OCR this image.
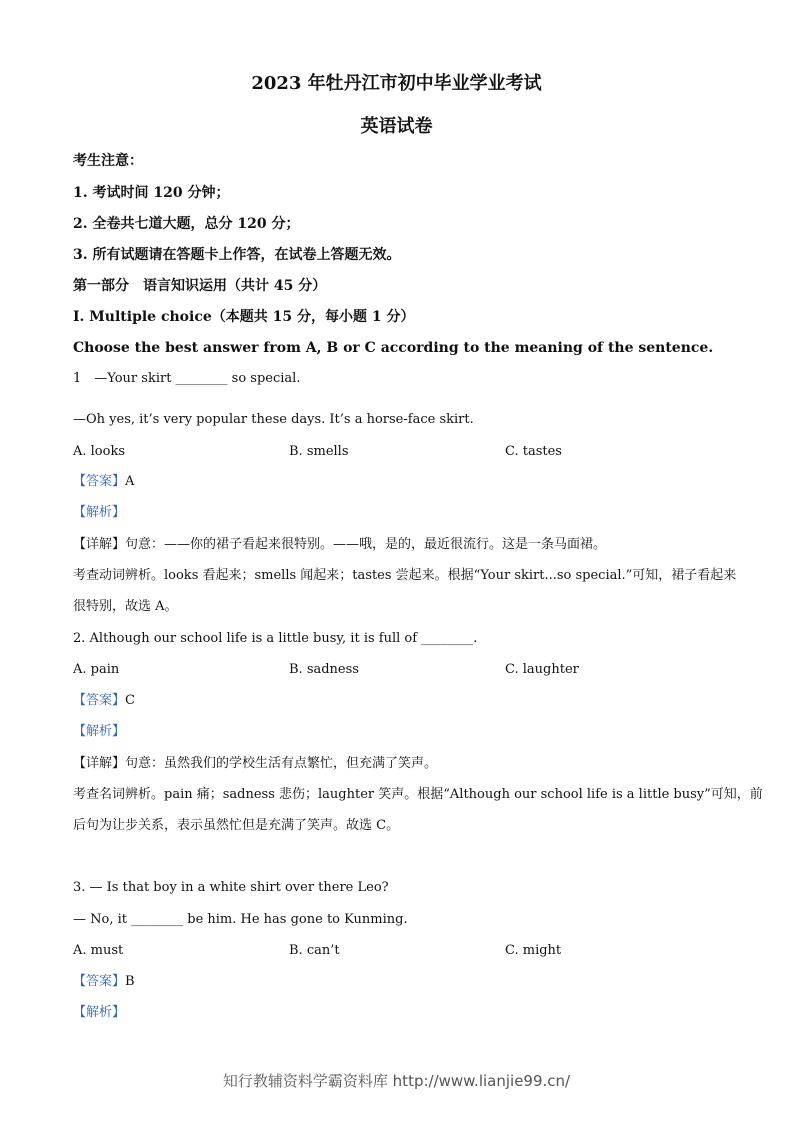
2023 年牡丹江市初中毕业学业考试
英语试卷
考生注意：
1. 考试时间 120 分钟；
2. 全卷共七道大题，总分 120 分；
3. 所有试题请在答题卡上作答，在试卷上答题无效。
第一部分　语言知识运用（共计 45 分）
Ⅰ. Multiple choice（本题共 15 分，每小题 1 分）
Choose the best answer from A, B or C according to the meaning of the sentence.
1　—Your skirt ________ so special.
—Oh yes, it’s very popular these days. It’s a horse-face skirt.
A. looks	B. smells	C. tastes
【答案】A
【解析】
【详解】句意：——你的裙子看起来很特别。——哦，是的，最近很流行。这是一条马面裙。
考查动词辨析。looks 看起来；smells 闻起来；tastes 尝起来。根据“Your skirt...so special.”可知，裙子看起来
很特别，故选 A。
2. Although our school life is a little busy, it is full of ________.
A. pain	B. sadness	C. laughter
【答案】C
【解析】
【详解】句意：虽然我们的学校生活有点繁忙，但充满了笑声。
考查名词辨析。pain 痛；sadness 悲伤；laughter 笑声。根据“Although our school life is a little busy”可知，前
后句为让步关系，表示虽然忙但是充满了笑声。故选 C。
3. — Is that boy in a white shirt over there Leo?
— No, it ________ be him. He has gone to Kunming.
A. must	B. can’t	C. might
【答案】B
【解析】
知行教辅资料学霸资料库 http://www.lianjie99.cn/
